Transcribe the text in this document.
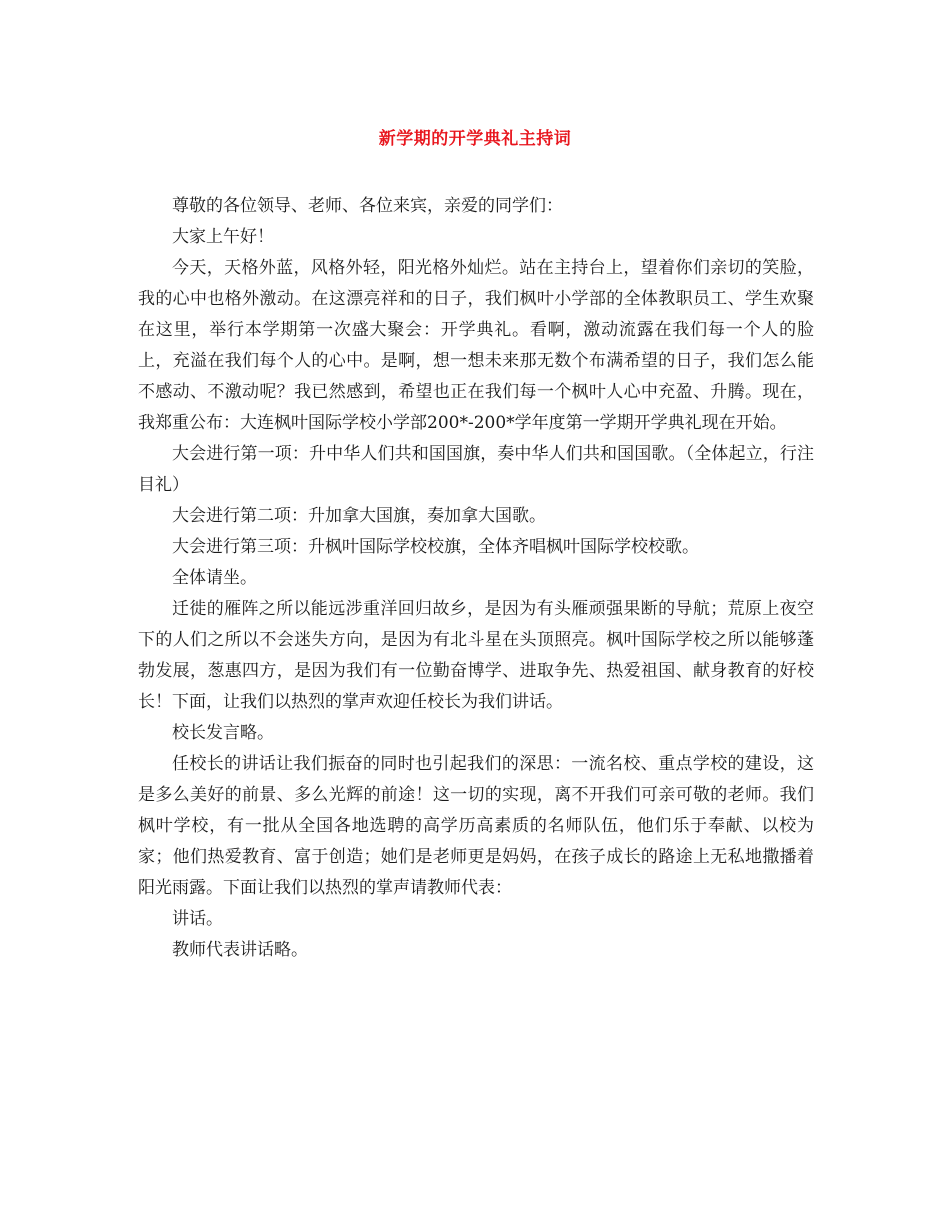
新学期的开学典礼主持词

尊敬的各位领导、老师、各位来宾，亲爱的同学们：

大家上午好！

今天，天格外蓝，风格外轻，阳光格外灿烂。站在主持台上，望着你们亲切的笑脸，我的心中也格外激动。在这漂亮祥和的日子，我们枫叶小学部的全体教职员工、学生欢聚在这里，举行本学期第一次盛大聚会：开学典礼。看啊，激动流露在我们每一个人的脸上，充溢在我们每个人的心中。是啊，想一想未来那无数个布满希望的日子，我们怎么能不感动、不激动呢？我已然感到，希望也正在我们每一个枫叶人心中充盈、升腾。现在，我郑重公布：大连枫叶国际学校小学部200*-200*学年度第一学期开学典礼现在开始。

大会进行第一项：升中华人们共和国国旗，奏中华人们共和国国歌。（全体起立，行注目礼）

大会进行第二项：升加拿大国旗，奏加拿大国歌。

大会进行第三项：升枫叶国际学校校旗，全体齐唱枫叶国际学校校歌。

全体请坐。

迁徙的雁阵之所以能远涉重洋回归故乡，是因为有头雁顽强果断的导航；荒原上夜空下的人们之所以不会迷失方向，是因为有北斗星在头顶照亮。枫叶国际学校之所以能够蓬勃发展，葱惠四方，是因为我们有一位勤奋博学、进取争先、热爱祖国、献身教育的好校长！下面，让我们以热烈的掌声欢迎任校长为我们讲话。

校长发言略。

任校长的讲话让我们振奋的同时也引起我们的深思：一流名校、重点学校的建设，这是多么美好的前景、多么光辉的前途！这一切的实现，离不开我们可亲可敬的老师。我们枫叶学校，有一批从全国各地选聘的高学历高素质的名师队伍，他们乐于奉献、以校为家；他们热爱教育、富于创造；她们是老师更是妈妈，在孩子成长的路途上无私地撒播着阳光雨露。下面让我们以热烈的掌声请教师代表：

讲话。

教师代表讲话略。
